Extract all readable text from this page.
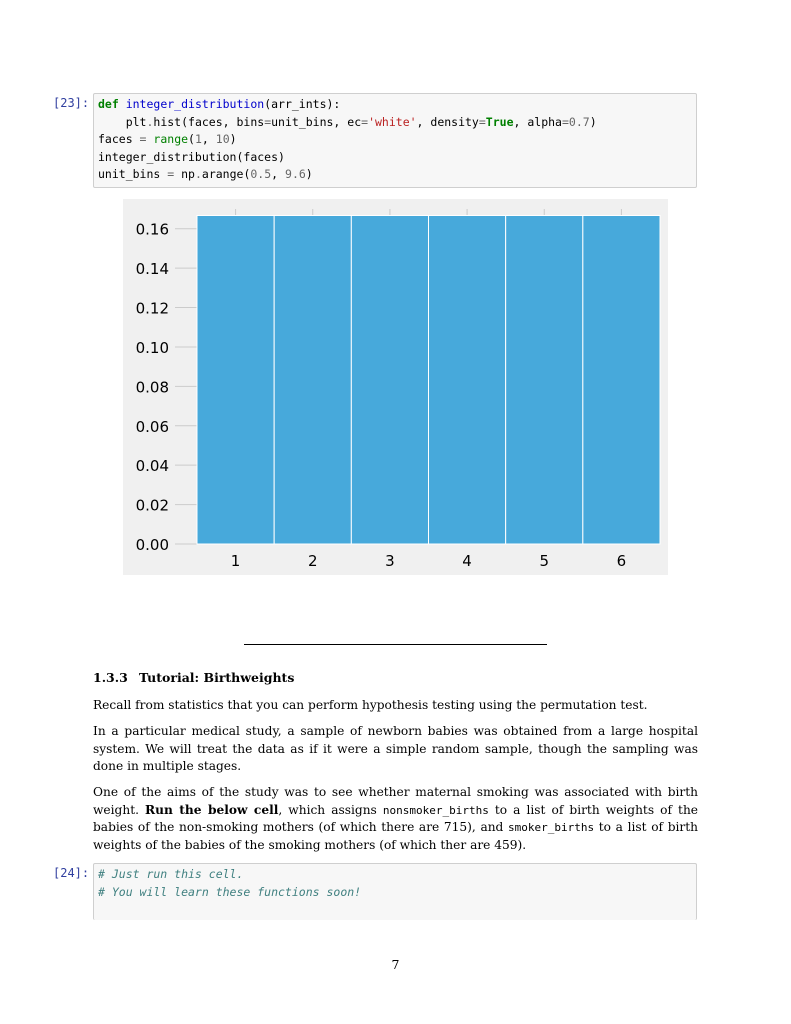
[23]: def integer_distribution(arr_ints):
plt.hist(faces, bins=unit_bins, ec='white', density=True, alpha=0.7)
faces = range(1, 10)
integer_distribution(faces)
unit_bins = np.arange(0.5, 9.6)
0.00
0.02
0.04
0.06
0.08
0.10
0.12
0.14
0.16
1	2	3	4	5	6
1.3.3 Tutorial: Birthweights
Recall from statistics that you can perform hypothesis testing using the permutation test.
In a particular medical study, a sample of newborn babies was obtained from a large hospital system. We will treat the data as if it were a simple random sample, though the sampling was done in multiple stages.
One of the aims of the study was to see whether maternal smoking was associated with birth weight. Run the below cell, which assigns nonsmoker_births to a list of birth weights of the babies of the non-smoking mothers (of which there are 715), and smoker_births to a list of birth weights of the babies of the smoking mothers (of which ther are 459).
[24]: # Just run this cell.
# You will learn these functions soon!
7
